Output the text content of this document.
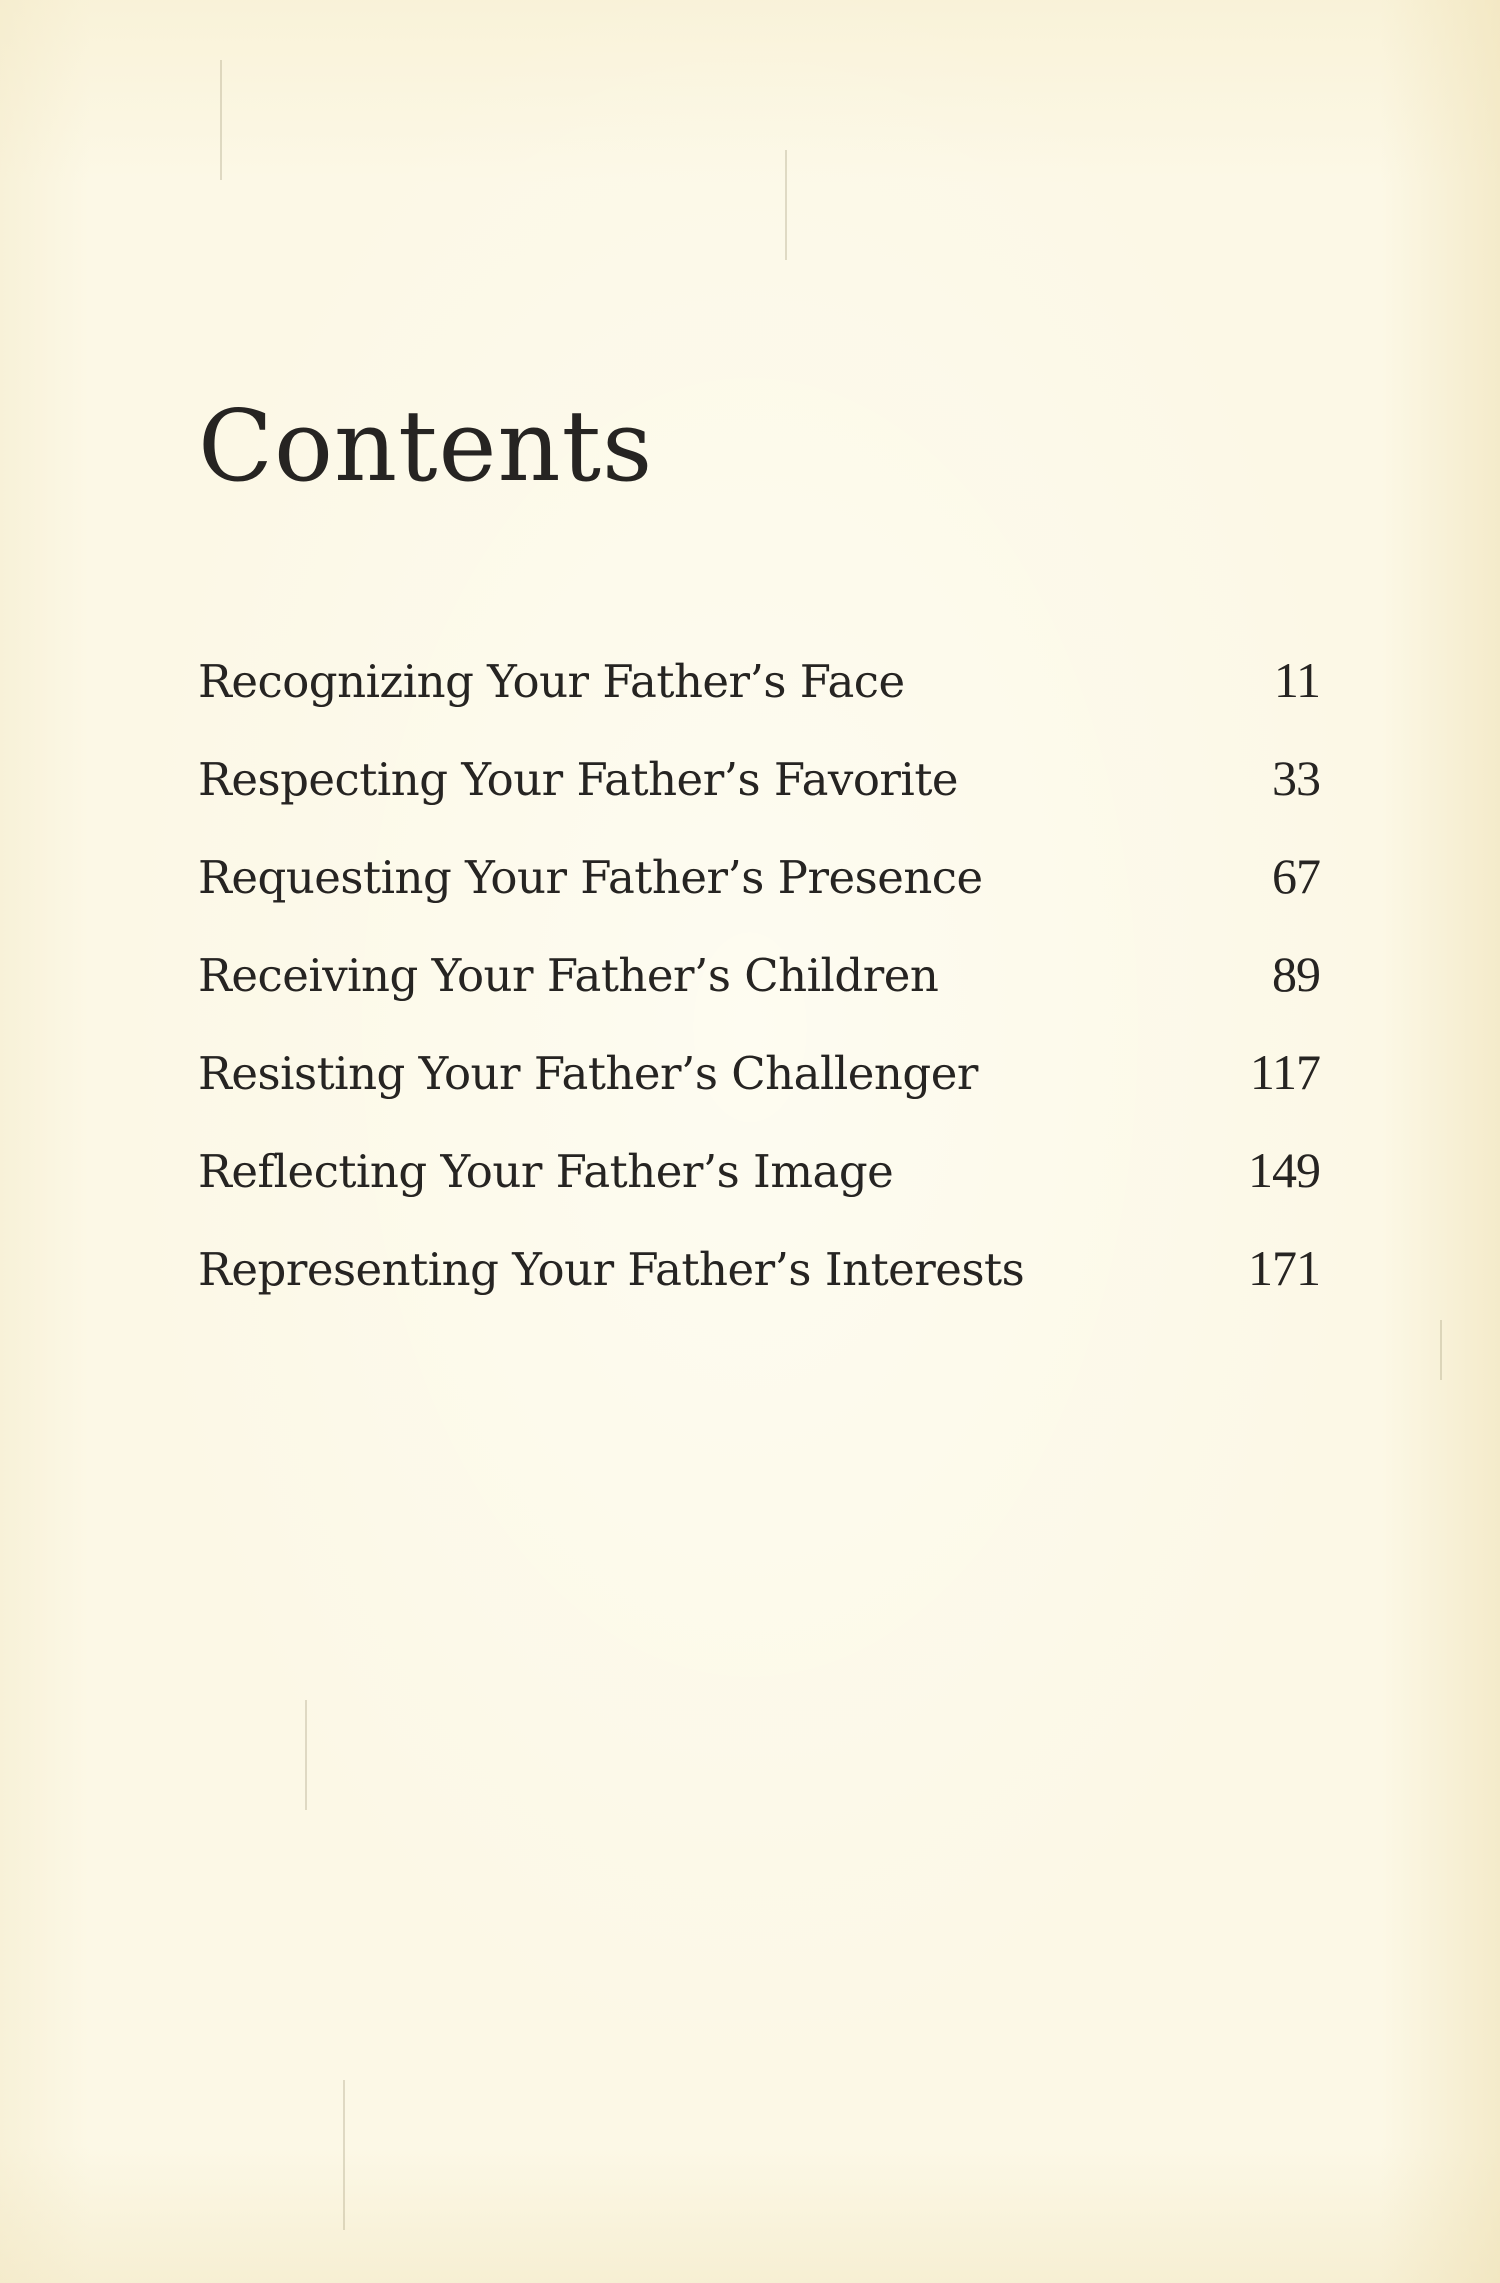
Contents
Recognizing Your Father’s Face	11
Respecting Your Father’s Favorite	33
Requesting Your Father’s Presence	67
Receiving Your Father’s Children	89
Resisting Your Father’s Challenger	117
Reflecting Your Father’s Image	149
Representing Your Father’s Interests	171
